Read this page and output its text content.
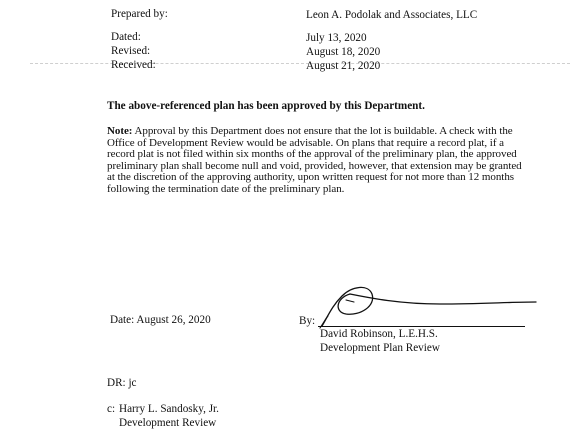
Prepared by:	Leon A. Podolak and Associates, LLC
Dated:	July 13, 2020
Revised:	August 18, 2020
Received:	August 21, 2020
The above-referenced plan has been approved by this Department.
Note: Approval by this Department does not ensure that the lot is buildable. A check with the
Office of Development Review would be advisable. On plans that require a record plat, if a
record plat is not filed within six months of the approval of the preliminary plan, the approved
preliminary plan shall become null and void, provided, however, that extension may be granted
at the discretion of the approving authority, upon written request for not more than 12 months
following the termination date of the preliminary plan.
Date: August 26, 2020	By:
David Robinson, L.E.H.S.
Development Plan Review
DR: jc
c: Harry L. Sandosky, Jr.
Development Review
